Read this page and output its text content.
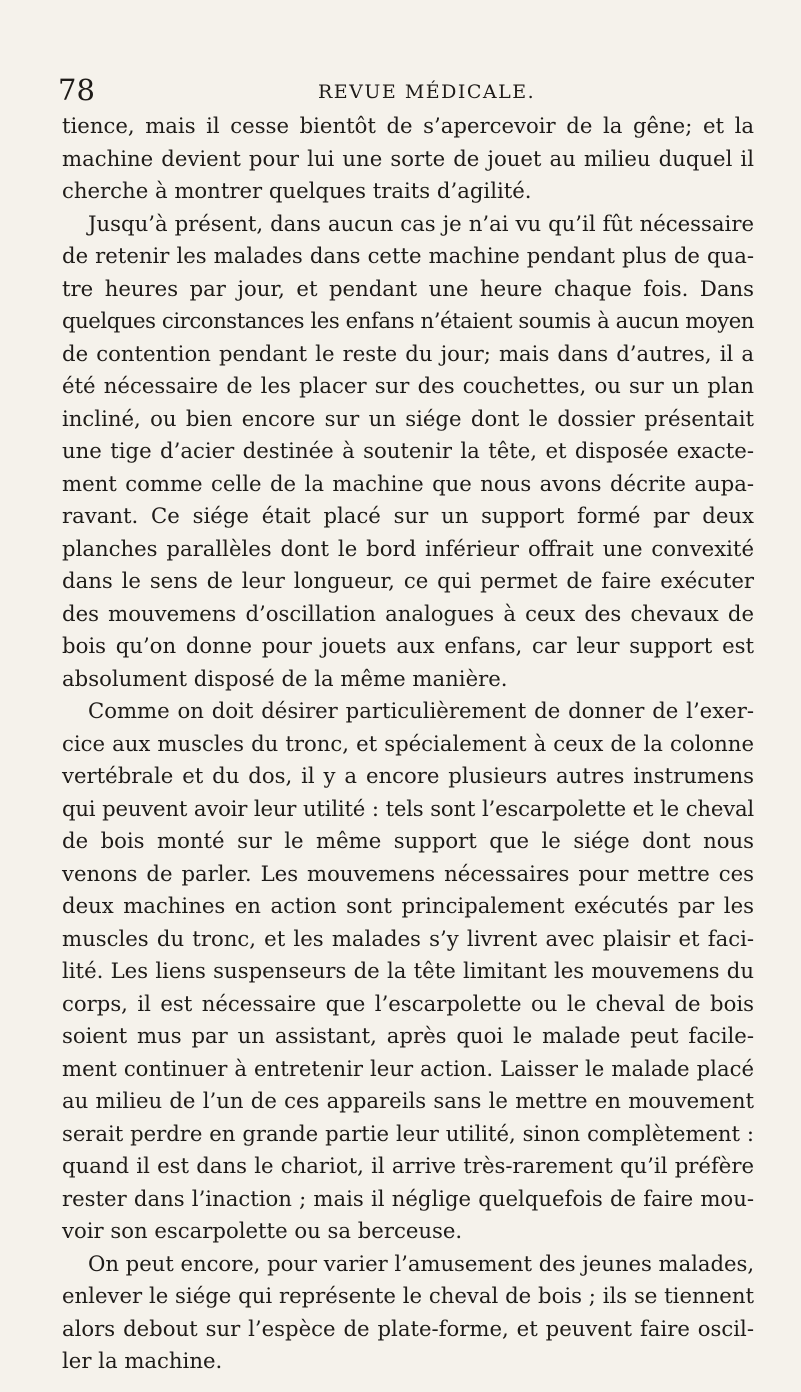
78	REVUE MÉDICALE.
tience, mais il cesse bientôt de s’apercevoir de la gêne; et la
machine devient pour lui une sorte de jouet au milieu duquel il
cherche à montrer quelques traits d’agilité.
Jusqu’à présent, dans aucun cas je n’ai vu qu’il fût nécessaire
de retenir les malades dans cette machine pendant plus de qua-
tre heures par jour, et pendant une heure chaque fois. Dans
quelques circonstances les enfans n’étaient soumis à aucun moyen
de contention pendant le reste du jour; mais dans d’autres, il a
été nécessaire de les placer sur des couchettes, ou sur un plan
incliné, ou bien encore sur un siége dont le dossier présentait
une tige d’acier destinée à soutenir la tête, et disposée exacte-
ment comme celle de la machine que nous avons décrite aupa-
ravant. Ce siége était placé sur un support formé par deux
planches parallèles dont le bord inférieur offrait une convexité
dans le sens de leur longueur, ce qui permet de faire exécuter
des mouvemens d’oscillation analogues à ceux des chevaux de
bois qu’on donne pour jouets aux enfans, car leur support est
absolument disposé de la même manière.
Comme on doit désirer particulièrement de donner de l’exer-
cice aux muscles du tronc, et spécialement à ceux de la colonne
vertébrale et du dos, il y a encore plusieurs autres instrumens
qui peuvent avoir leur utilité : tels sont l’escarpolette et le cheval
de bois monté sur le même support que le siége dont nous
venons de parler. Les mouvemens nécessaires pour mettre ces
deux machines en action sont principalement exécutés par les
muscles du tronc, et les malades s’y livrent avec plaisir et faci-
lité. Les liens suspenseurs de la tête limitant les mouvemens du
corps, il est nécessaire que l’escarpolette ou le cheval de bois
soient mus par un assistant, après quoi le malade peut facile-
ment continuer à entretenir leur action. Laisser le malade placé
au milieu de l’un de ces appareils sans le mettre en mouvement
serait perdre en grande partie leur utilité, sinon complètement :
quand il est dans le chariot, il arrive très-rarement qu’il préfère
rester dans l’inaction ; mais il néglige quelquefois de faire mou-
voir son escarpolette ou sa berceuse.
On peut encore, pour varier l’amusement des jeunes malades,
enlever le siége qui représente le cheval de bois ; ils se tiennent
alors debout sur l’espèce de plate-forme, et peuvent faire oscil-
ler la machine.
